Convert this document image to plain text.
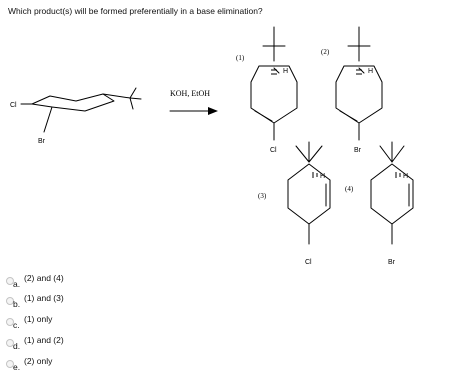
Which product(s) will be formed preferentially in a base elimination?
Cl
Br
KOH, EtOH
(1)
H
Cl
(2)
H
Br
(3)
H
Cl
(4)
H
Br
a.
(2) and (4)
b.
(1) and (3)
c.
(1) only
d.
(1) and (2)
e.
(2) only
